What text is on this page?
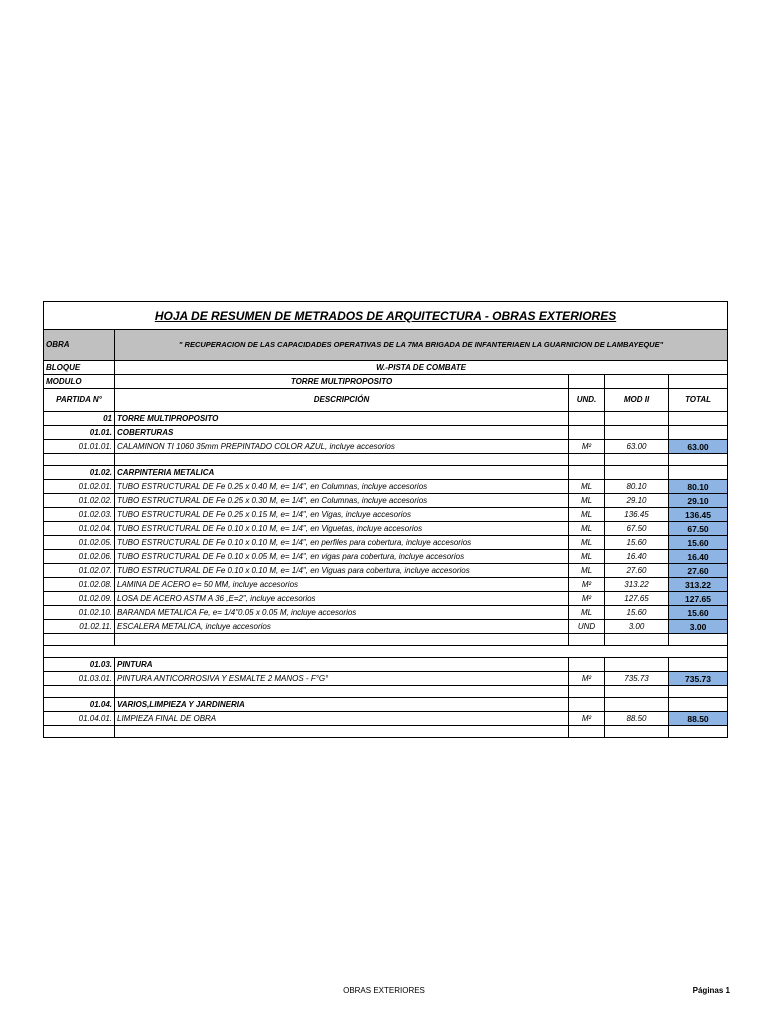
HOJA DE RESUMEN DE METRADOS DE ARQUITECTURA - OBRAS EXTERIORES				
OBRA	" RECUPERACION DE LAS CAPACIDADES OPERATIVAS DE LA 7MA BRIGADA DE INFANTERIAEN LA GUARNICION DE LAMBAYEQUE"			
BLOQUE	W.-PISTA DE COMBATE			
MODULO	TORRE MULTIPROPOSITO			
PARTIDA N°	DESCRIPCIÓN	UND.	MOD II	TOTAL
01	TORRE MULTIPROPOSITO			
01.01.	COBERTURAS			
01.01.01.	CALAMINON TI 1060 35mm PREPINTADO COLOR AZUL, incluye accesorios	M²	63.00	63.00

01.02.	CARPINTERIA METALICA			
01.02.01.	TUBO ESTRUCTURAL DE Fe 0.25 x 0.40 M, e= 1/4", en Columnas, incluye accesorios	ML	80.10	80.10
01.02.02.	TUBO ESTRUCTURAL DE Fe 0.25 x 0.30 M, e= 1/4", en Columnas, incluye accesorios	ML	29.10	29.10
01.02.03.	TUBO ESTRUCTURAL DE Fe 0.25 x 0.15 M, e= 1/4", en Vigas, incluye accesorios	ML	136.45	136.45
01.02.04.	TUBO ESTRUCTURAL DE Fe 0.10 x 0.10 M, e= 1/4", en Viguetas, incluye accesorios	ML	67.50	67.50
01.02.05.	TUBO ESTRUCTURAL DE Fe 0.10 x 0.10 M, e= 1/4", en perfiles para cobertura, incluye accesorios	ML	15.60	15.60
01.02.06.	TUBO ESTRUCTURAL DE Fe 0.10 x 0.05 M, e= 1/4", en vigas para cobertura, incluye accesorios	ML	16.40	16.40
01.02.07.	TUBO ESTRUCTURAL DE Fe 0.10 x 0.10 M, e= 1/4", en Viguas para cobertura, incluye accesorios	ML	27.60	27.60
01.02.08.	LAMINA DE ACERO e= 50 MM, incluye accesorios	M²	313.22	313.22
01.02.09.	LOSA DE ACERO ASTM A 36 ,E=2", incluye accesorios	M²	127.65	127.65
01.02.10.	BARANDA METALICA Fe, e= 1/4"0.05 x 0.05 M, incluye accesorios	ML	15.60	15.60
01.02.11.	ESCALERA METALICA, incluye accesorios	UND	3.00	3.00

01.03.	PINTURA			
01.03.01.	PINTURA ANTICORROSIVA Y ESMALTE 2 MANOS - F°G°	M²	735.73	735.73

01.04.	VARIOS,LIMPIEZA Y JARDINERIA			
01.04.01.	LIMPIEZA FINAL DE OBRA	M²	88.50	88.50

OBRAS EXTERIORES	Páginas 1
